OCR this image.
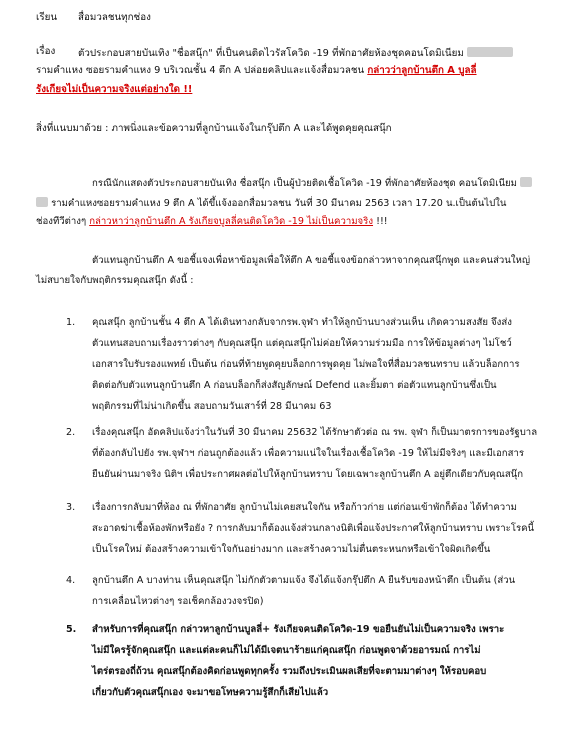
เรียน สื่อมวลชนทุกช่อง
เรื่อง ตัวประกอบสายบันเทิง "ชื่อสนุ๊ก" ที่เป็นคนติดไวรัสโควิด -19 ที่พักอาศัยห้องชุดคอนโดมิเนียม
รามคำแหง ซอยรามคำแหง 9 บริเวณชั้น 4 ตึก A ปล่อยคลิปและแจ้งสื่อมวลชน กล่าวว่าลูกบ้านตึก A บูลลี่
รังเกียจไม่เป็นความจริงแต่อย่างใด !!
สิ่งที่แนบมาด้วย : ภาพนิ่งและข้อความที่ลูกบ้านแจ้งในกรุ๊ปตึก A และได้พูดคุยคุณสนุ๊ก
กรณีนักแสดงตัวประกอบสายบันเทิง ชื่อสนุ๊ก เป็นผู้ป่วยติดเชื้อโควิด -19 ที่พักอาศัยห้องชุด คอนโดมิเนียม
รามคำแหงซอยรามคำแหง 9 ตึก A ได้ขึ้แจ้งออกสื่อมวลชน วันที่ 30 มีนาคม 2563 เวลา 17.20 น.เป็นต้นไปใน
ช่องทีวีต่างๆ กล่าวหาว่าลูกบ้านตึก A รังเกียจบูลลี่คนติดโควิด -19 ไม่เป็นความจริง !!!
ตัวแทนลูกบ้านตึก A ขอชี้แจงเพื่อหาข้อมูลเพื่อให้ตึก A ขอชี้แจงข้อกล่าวหาจากคุณสนุ๊กพูด และคนส่วนใหญ่
ไม่สบายใจกับพฤติกรรมคุณสนุ๊ก ดังนี้ :
1. คุณสนุ๊ก ลูกบ้านชั้น 4 ตึก A ได้เดินทางกลับจากรพ.จุฬา ทำให้ลูกบ้านบางส่วนเห็น เกิดความสงสัย จึงส่ง
ตัวแทนสอบถามเรื่องราวต่างๆ กับคุณสนุ๊ก แต่คุณสนุ๊กไม่ค่อยให้ความร่วมมือ การให้ข้อมูลต่างๆ ไม่โชว์
เอกสารใบรับรองแพทย์ เป็นต้น ก่อนที่ท้ายพูดคุยบล็อกการพูดคุย ไม่พอใจที่สื่อมวลชนทราบ แล้วบล็อกการ
ติดต่อกับตัวแทนลูกบ้านตึก A ก่อนบล็อกก็ส่งสัญลักษณ์ Defend และยิ้มตา ต่อตัวแทนลูกบ้านซึ่งเป็น
พฤติกรรมที่ไม่น่าเกิดขึ้น สอบถามวันเสาร์ที่ 28 มีนาคม 63
2. เรื่องคุณสนุ๊ก อัดคลิปแจ้งว่าในวันที่ 30 มีนาคม 25632 ได้รักษาตัวต่อ ณ รพ. จุฬา ก็เป็นมาตรการของรัฐบาล
ที่ต้องกลับไปยัง รพ.จุฬาฯ ก่อนถูกต้องแล้ว เพื่อความแน่ใจในเรื่องเชื้อโควิด -19 ให้ไม่มีจริงๆ และมีเอกสาร
ยืนยันผ่านมาจริง นิติฯ เพื่อประกาศผลต่อไปให้ลูกบ้านทราบ โดยเฉพาะลูกบ้านตึก A อยู่ตึกเดียวกับคุณสนุ๊ก
3. เรื่องการกลับมาที่ห้อง ณ ที่พักอาศัย ลูกบ้านไม่เคยสนใจกัน หรือก้าวก่าย แต่ก่อนเข้าพักก็ต้อง ได้ทำความ
สะอาดฆ่าเชื้อห้องพักหรือยัง ? การกลับมาก็ต้องแจ้งส่วนกลางนิติเพื่อแจ้งประกาศให้ลูกบ้านทราบ เพราะโรคนี้
เป็นโรคใหม่ ต้องสร้างความเข้าใจกันอย่างมาก และสร้างความไม่ตื่นตระหนกหรือเข้าใจผิดเกิดขึ้น
4. ลูกบ้านตึก A บางท่าน เห็นคุณสนุ๊ก ไม่กักตัวตามแจ้ง จึงได้แจ้งกรุ๊ปตึก A ยืนรับของหน้าตึก เป็นต้น (ส่วน
การเคลื่อนไหวต่างๆ รอเช็คกล้องวงจรปิด)
5. สำหรับการที่คุณสนุ๊ก กล่าวหาลูกบ้านบูลลี่+ รังเกียจคนติดโควิด-19 ขอยืนยันไม่เป็นความจริง เพราะ
ไม่มีใครรู้จักคุณสนุ๊ก และแต่ละคนก็ไม่ได้มีเจตนาร้ายแก่คุณสนุ๊ก ก่อนพูดจาด้วยอารมณ์ การไม่
ไตร่ตรองถี่ถ้วน คุณสนุ๊กต้องคิดก่อนพูดทุกครั้ง รวมถึงประเมินผลเสียที่จะตามมาต่างๆ ให้รอบคอบ
เกี่ยวกับตัวคุณสนุ๊กเอง จะมาขอโทษความรู้สึกก็เสียไปแล้ว
